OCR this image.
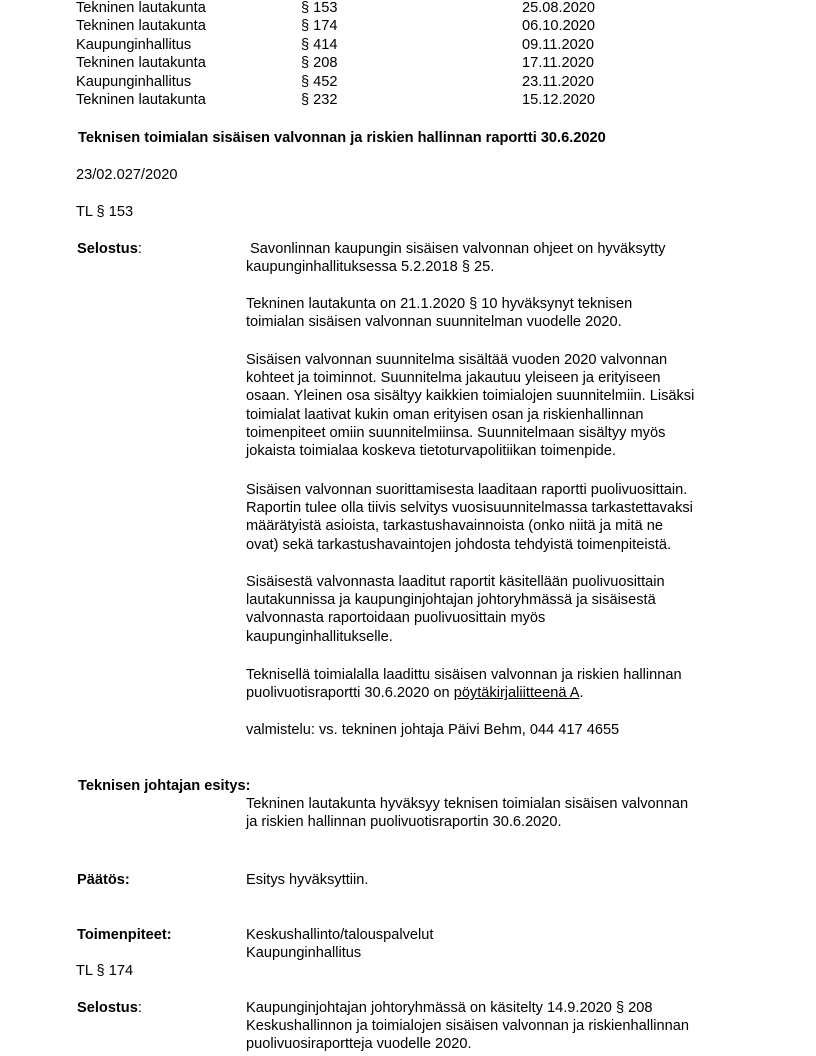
Tekninen lautakunta	§ 153	25.08.2020
Tekninen lautakunta	§ 174	06.10.2020
Kaupunginhallitus	§ 414	09.11.2020
Tekninen lautakunta	§ 208	17.11.2020
Kaupunginhallitus	§ 452	23.11.2020
Tekninen lautakunta	§ 232	15.12.2020
Teknisen toimialan sisäisen valvonnan ja riskien hallinnan raportti 30.6.2020
23/02.027/2020
TL § 153
Selostus:	Savonlinnan kaupungin sisäisen valvonnan ohjeet on hyväksytty

kaupunginhallituksessa 5.2.2018 § 25.

Tekninen lautakunta on 21.1.2020 § 10 hyväksynyt teknisen

toimialan sisäisen valvonnan suunnitelman vuodelle 2020.

Sisäisen valvonnan suunnitelma sisältää vuoden 2020 valvonnan

kohteet ja toiminnot. Suunnitelma jakautuu yleiseen ja erityiseen

osaan. Yleinen osa sisältyy kaikkien toimialojen suunnitelmiin. Lisäksi

toimialat laativat kukin oman erityisen osan ja riskienhallinnan

toimenpiteet omiin suunnitelmiinsa. Suunnitelmaan sisältyy myös

jokaista toimialaa koskeva tietoturvapolitiikan toimenpide.

Sisäisen valvonnan suorittamisesta laaditaan raportti puolivuosittain.

Raportin tulee olla tiivis selvitys vuosisuunnitelmassa tarkastettavaksi

määrätyistä asioista, tarkastushavainnoista (onko niitä ja mitä ne

ovat) sekä tarkastushavaintojen johdosta tehdyistä toimenpiteistä.

Sisäisestä valvonnasta laaditut raportit käsitellään puolivuosittain

lautakunnissa ja kaupunginjohtajan johtoryhmässä ja sisäisestä

valvonnasta raportoidaan puolivuosittain myös

kaupunginhallitukselle.

Teknisellä toimialalla laadittu sisäisen valvonnan ja riskien hallinnan

puolivuotisraportti 30.6.2020 on pöytäkirjaliitteenä A.

valmistelu: vs. tekninen johtaja Päivi Behm, 044 417 4655
Teknisen johtajan esitys:

Tekninen lautakunta hyväksyy teknisen toimialan sisäisen valvonnan

ja riskien hallinnan puolivuotisraportin 30.6.2020.

Päätös:	Esitys hyväksyttiin.
Toimenpiteet:	Keskushallinto/talouspalvelut

Kaupunginhallitus

TL § 174
Selostus:	Kaupunginjohtajan johtoryhmässä on käsitelty 14.9.2020 § 208

Keskushallinnon ja toimialojen sisäisen valvonnan ja riskienhallinnan

puolivuosiraportteja vuodelle 2020.
